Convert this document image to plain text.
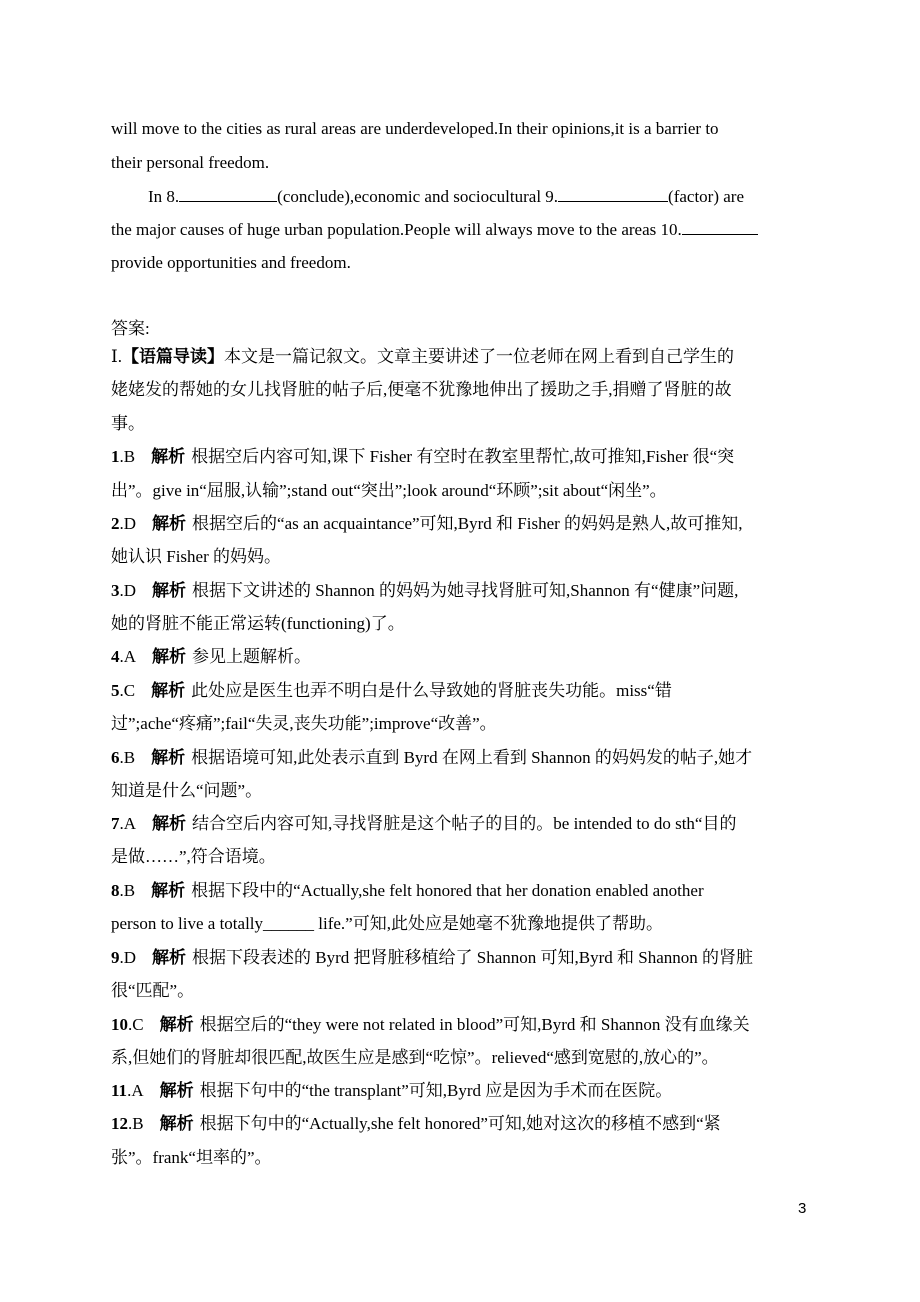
will move to the cities as rural areas are underdeveloped.In their opinions,it is a barrier to
their personal freedom.
In 8.	(conclude),economic and sociocultural 9.	(factor) are
the major causes of huge urban population.People will always move to the areas 10.
provide opportunities and freedom.
答案:
Ⅰ.【语篇导读】本文是一篇记叙文。文章主要讲述了一位老师在网上看到自己学生的
姥姥发的帮她的女儿找肾脏的帖子后,便毫不犹豫地伸出了援助之手,捐赠了肾脏的故
事。
1.B 解析 根据空后内容可知,课下 Fisher 有空时在教室里帮忙,故可推知,Fisher 很“突
出”。give in“屈服,认输”;stand out“突出”;look around“环顾”;sit about“闲坐”。
2.D 解析 根据空后的“as an acquaintance”可知,Byrd 和 Fisher 的妈妈是熟人,故可推知,
她认识 Fisher 的妈妈。
3.D 解析 根据下文讲述的 Shannon 的妈妈为她寻找肾脏可知,Shannon 有“健康”问题,
她的肾脏不能正常运转(functioning)了。
4.A 解析 参见上题解析。
5.C 解析 此处应是医生也弄不明白是什么导致她的肾脏丧失功能。miss“错
过”;ache“疼痛”;fail“失灵,丧失功能”;improve“改善”。
6.B 解析 根据语境可知,此处表示直到 Byrd 在网上看到 Shannon 的妈妈发的帖子,她才
知道是什么“问题”。
7.A 解析 结合空后内容可知,寻找肾脏是这个帖子的目的。be intended to do sth“目的
是做……”,符合语境。
8.B 解析 根据下段中的“Actually,she felt honored that her donation enabled another
person to live a totally______ life.”可知,此处应是她毫不犹豫地提供了帮助。
9.D 解析 根据下段表述的 Byrd 把肾脏移植给了 Shannon 可知,Byrd 和 Shannon 的肾脏
很“匹配”。
10.C 解析 根据空后的“they were not related in blood”可知,Byrd 和 Shannon 没有血缘关
系,但她们的肾脏却很匹配,故医生应是感到“吃惊”。relieved“感到宽慰的,放心的”。
11.A 解析 根据下句中的“the transplant”可知,Byrd 应是因为手术而在医院。
12.B 解析 根据下句中的“Actually,she felt honored”可知,她对这次的移植不感到“紧
张”。frank“坦率的”。
3
